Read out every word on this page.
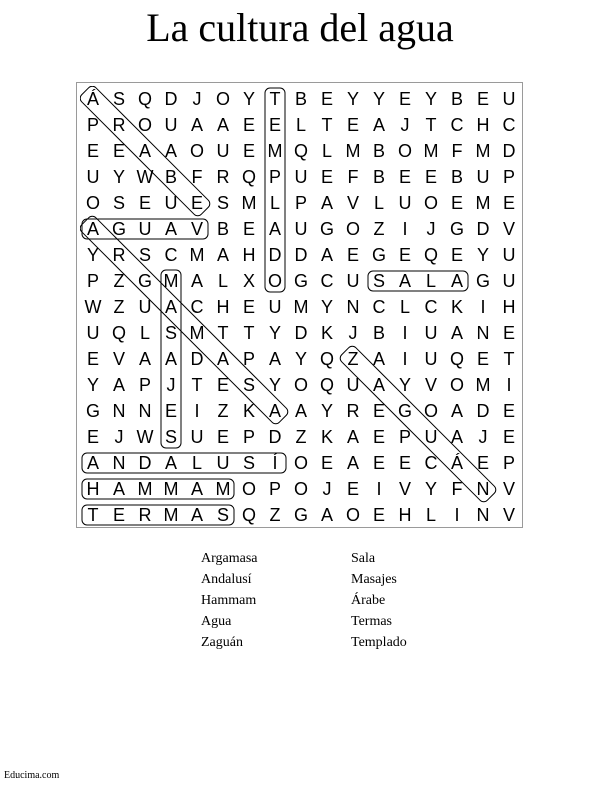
La cultura del agua
Á S Q D J O Y T B E Y Y E Y B E U
P R O U A A E E L T E A J T C H C
E E A A O U E M Q L M B O M F M D
U Y W B F R Q P U E F B E E B U P
O S E U E S M L P A V L U O E M E
A G U A V B E A U G O Z I	J G D V
Y R S C M A H D D A E G E Q E Y U
P Z G M A L X O G C U S A L A G U
W Z U A C H E U M Y N C L C K I H
U Q L S M T T Y D K J B I U A N E
E V A A D A P A Y Q Z A I U Q E T
Y A P J T E S Y O Q U A Y V O M I
G N N E I	Z K A A Y R E G O A D E
E J W S U E P D Z K A E P U A J E
A N D A L U S Í O E A E E C Á E P
H A M M A M O P O J E I V Y F N V
T E R M A S Q Z G A O E H L	I N V
Argamasa
Andalusí
Hammam
Agua
Zaguán
Sala
Masajes
Árabe
Termas
Templado
Educima.com
